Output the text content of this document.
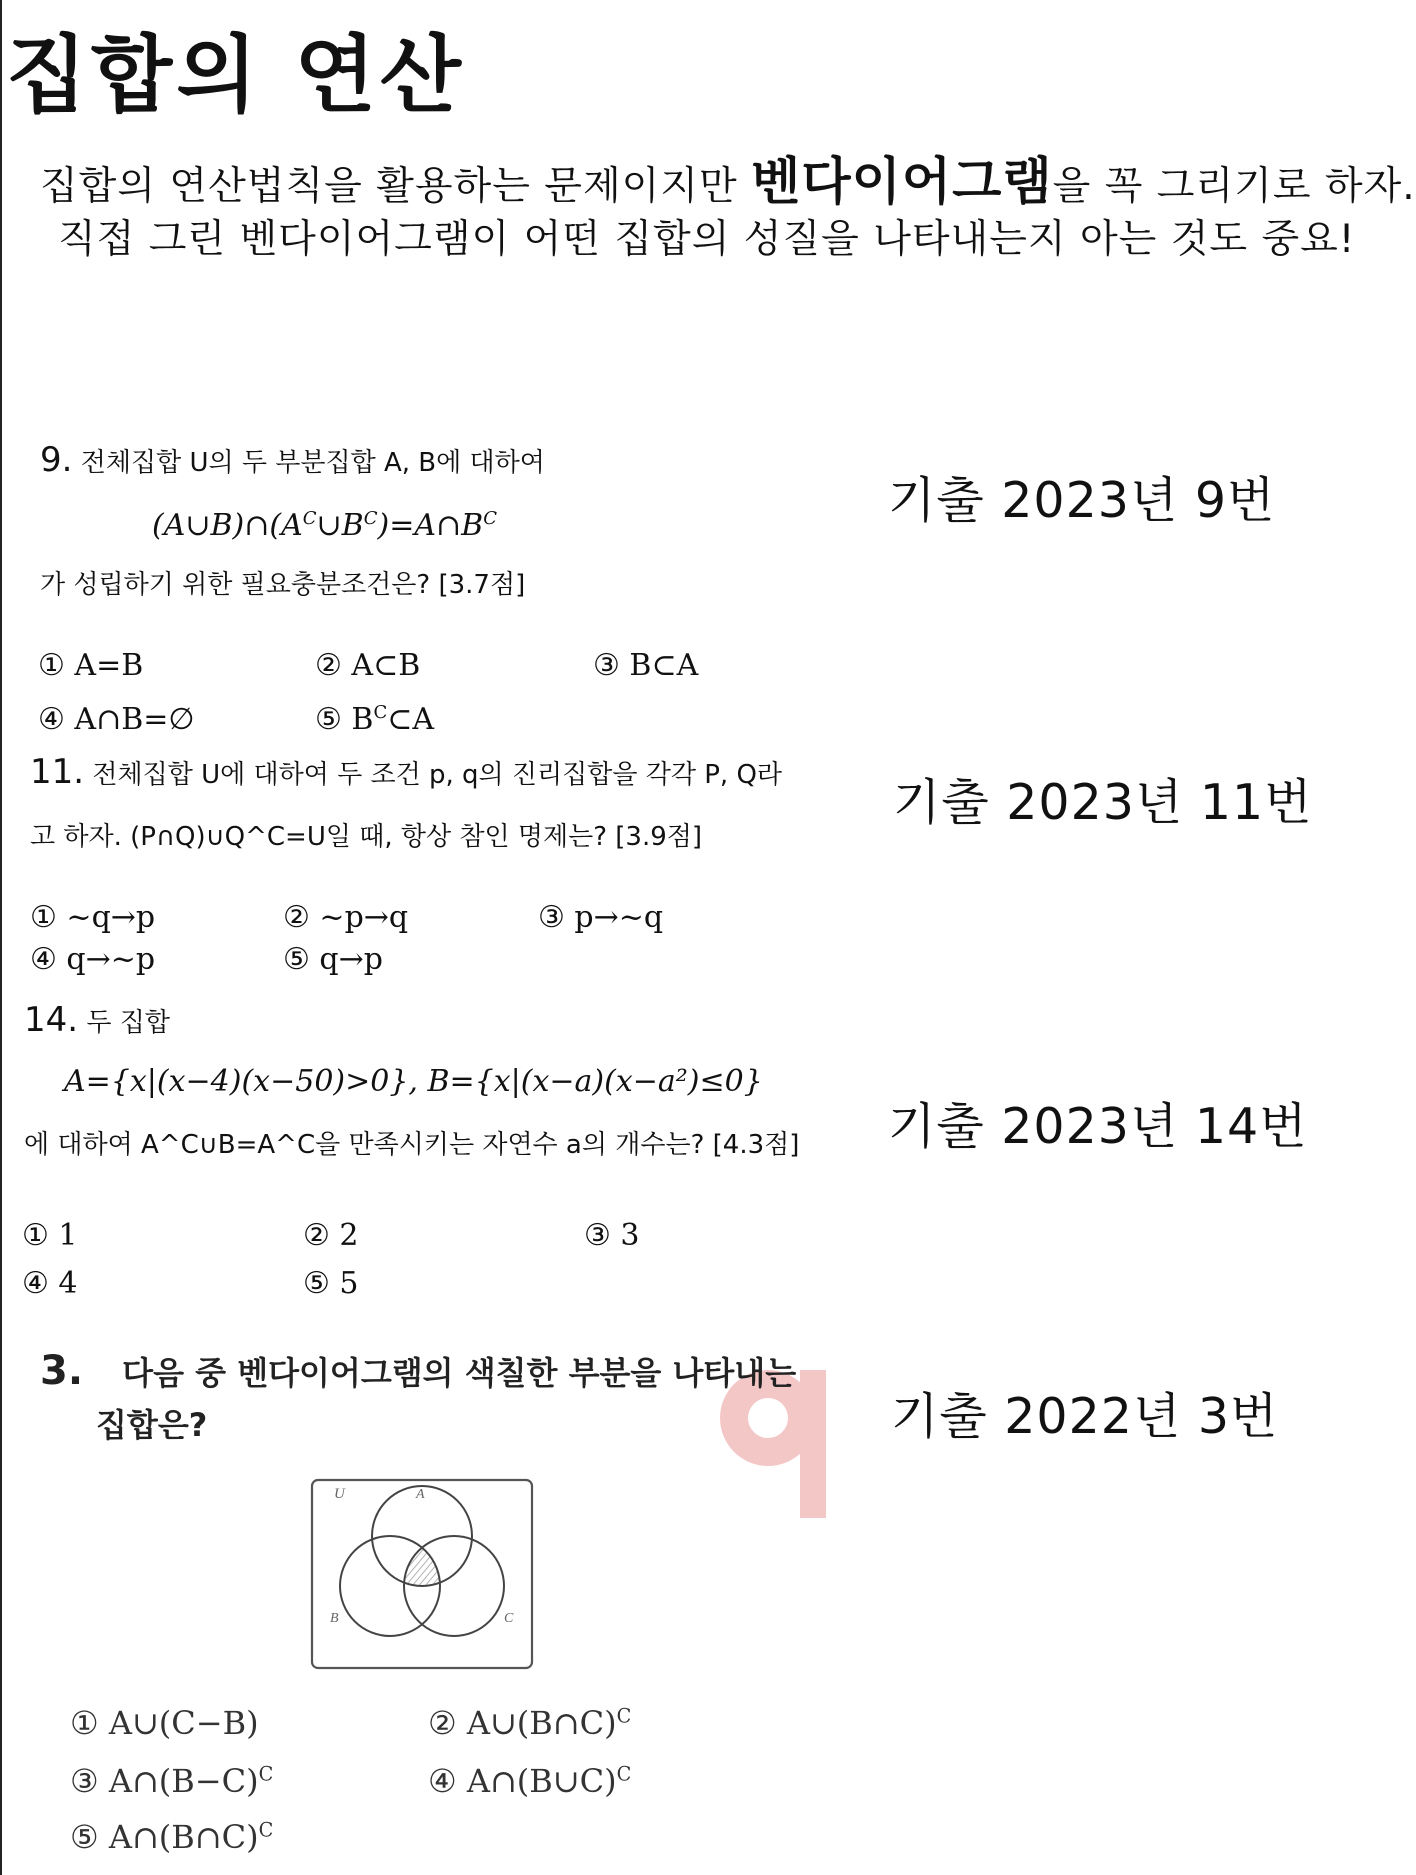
집합의 연산
집합의 연산법칙을 활용하는 문제이지만 벤다이어그램을 꼭 그리기로 하자.
직접 그린 벤다이어그램이 어떤 집합의 성질을 나타내는지 아는 것도 중요!
기출 2023년 9번
9. 전체집합 U의 두 부분집합 A, B에 대하여
$(A\cup B)\cap(A^C\cup B^C)=A\cap B^C$
가 성립하기 위한 필요충분조건은? [3.7점]
① A=B	② A⊂B	③ B⊂A
④ A∩B=∅	⑤ $B^C\subset A$
기출 2023년 11번
11. 전체집합 U에 대하여 두 조건 p, q의 진리집합을 각각 P, Q라
고 하자. (P∩Q)∪Q^C=U일 때, 항상 참인 명제는? [3.9점]
① ~q→p	② ~p→q	③ p→~q
④ q→~p	⑤ q→p
기출 2023년 14번
14. 두 집합
A={x|(x−4)(x−50)>0}, B={x|(x−a)(x−a²)≤0}
에 대하여 A^C∪B=A^C을 만족시키는 자연수 a의 개수는? [4.3점]
① 1	② 2	③ 3
④ 4	⑤ 5
기출 2022년 3번
3. 다음 중 벤다이어그램의 색칠한 부분을 나타내는
집합은?
U	A
B	C
① A∪(C−B)	② A∪(B∩C)$^C$
③ $A\cap(B-C)^C$	④ A∩(B∪C)$^C$
⑤ A∩(B∩C)$^C$
